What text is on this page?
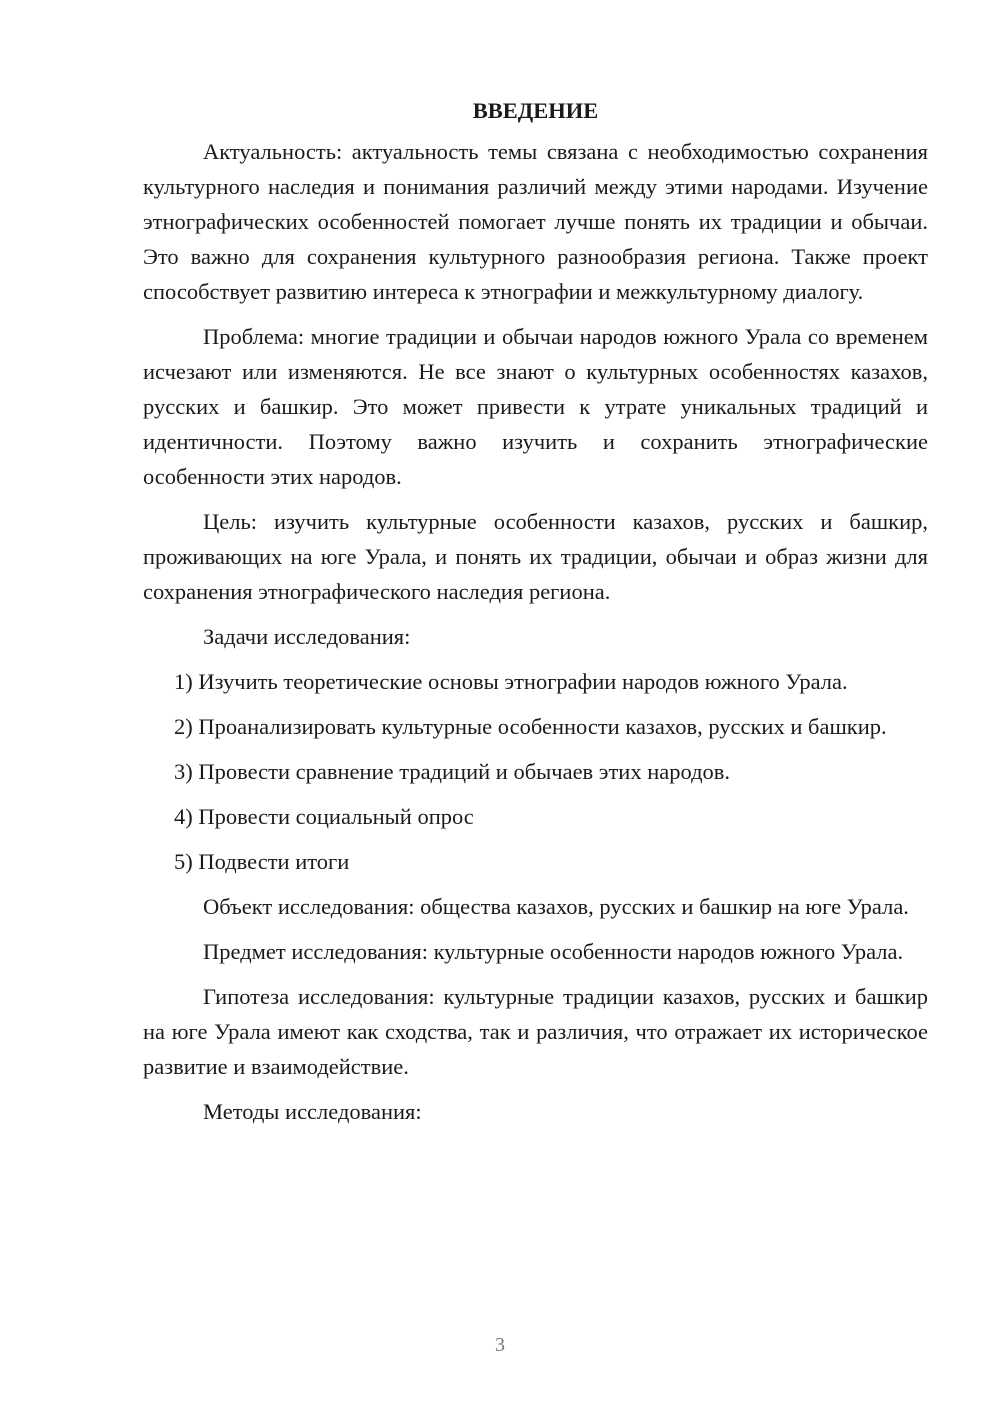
ВВЕДЕНИЕ

Актуальность: актуальность темы связана с необходимостью сохранения культурного наследия и понимания различий между этими народами. Изучение этнографических особенностей помогает лучше понять их традиции и обычаи. Это важно для сохранения культурного разнообразия региона. Также проект способствует развитию интереса к этнографии и межкультурному диалогу.

Проблема: многие традиции и обычаи народов южного Урала со временем исчезают или изменяются. Не все знают о культурных особенностях казахов, русских и башкир. Это может привести к утрате уникальных традиций и идентичности. Поэтому важно изучить и сохранить этнографические особенности этих народов.

Цель: изучить культурные особенности казахов, русских и башкир, проживающих на юге Урала, и понять их традиции, обычаи и образ жизни для сохранения этнографического наследия региона.

Задачи исследования:

1) Изучить теоретические основы этнографии народов южного Урала.

2) Проанализировать культурные особенности казахов, русских и башкир.

3) Провести сравнение традиций и обычаев этих народов.

4) Провести социальный опрос

5) Подвести итоги

Объект исследования: общества казахов, русских и башкир на юге Урала.

Предмет исследования: культурные особенности народов южного Урала.

Гипотеза исследования: культурные традиции казахов, русских и башкир на юге Урала имеют как сходства, так и различия, что отражает их историческое развитие и взаимодействие.

Методы исследования:

3
